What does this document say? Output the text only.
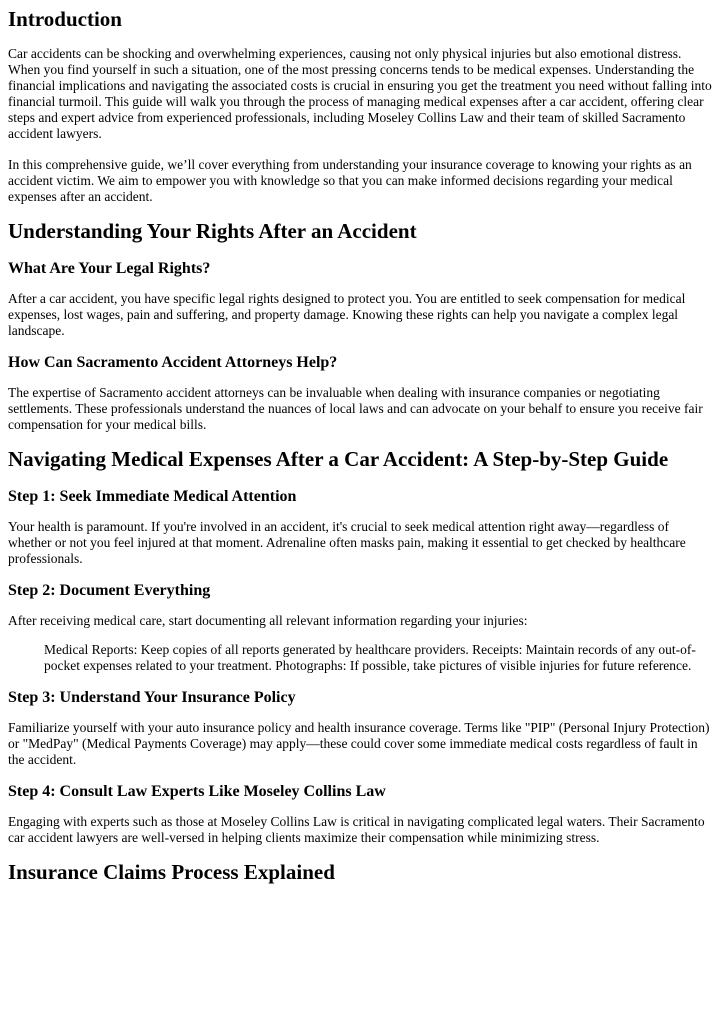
Introduction

Car accidents can be shocking and overwhelming experiences, causing not only physical injuries but also emotional distress. When you find yourself in such a situation, one of the most pressing concerns tends to be medical expenses. Understanding the financial implications and navigating the associated costs is crucial in ensuring you get the treatment you need without falling into financial turmoil. This guide will walk you through the process of managing medical expenses after a car accident, offering clear steps and expert advice from experienced professionals, including Moseley Collins Law and their team of skilled Sacramento accident lawyers.

In this comprehensive guide, we’ll cover everything from understanding your insurance coverage to knowing your rights as an accident victim. We aim to empower you with knowledge so that you can make informed decisions regarding your medical expenses after an accident.

Understanding Your Rights After an Accident
What Are Your Legal Rights?

After a car accident, you have specific legal rights designed to protect you. You are entitled to seek compensation for medical expenses, lost wages, pain and suffering, and property damage. Knowing these rights can help you navigate a complex legal landscape.

How Can Sacramento Accident Attorneys Help?

The expertise of Sacramento accident attorneys can be invaluable when dealing with insurance companies or negotiating settlements. These professionals understand the nuances of local laws and can advocate on your behalf to ensure you receive fair compensation for your medical bills.

Navigating Medical Expenses After a Car Accident: A Step-by-Step Guide
Step 1: Seek Immediate Medical Attention

Your health is paramount. If you're involved in an accident, it's crucial to seek medical attention right away—regardless of whether or not you feel injured at that moment. Adrenaline often masks pain, making it essential to get checked by healthcare professionals.

Step 2: Document Everything

After receiving medical care, start documenting all relevant information regarding your injuries:

Medical Reports: Keep copies of all reports generated by healthcare providers. Receipts: Maintain records of any out-of-pocket expenses related to your treatment. Photographs: If possible, take pictures of visible injuries for future reference.
Step 3: Understand Your Insurance Policy

Familiarize yourself with your auto insurance policy and health insurance coverage. Terms like "PIP" (Personal Injury Protection) or "MedPay" (Medical Payments Coverage) may apply—these could cover some immediate medical costs regardless of fault in the accident.

Step 4: Consult Law Experts Like Moseley Collins Law

Engaging with experts such as those at Moseley Collins Law is critical in navigating complicated legal waters. Their Sacramento car accident lawyers are well-versed in helping clients maximize their compensation while minimizing stress.

Insurance Claims Process Explained
